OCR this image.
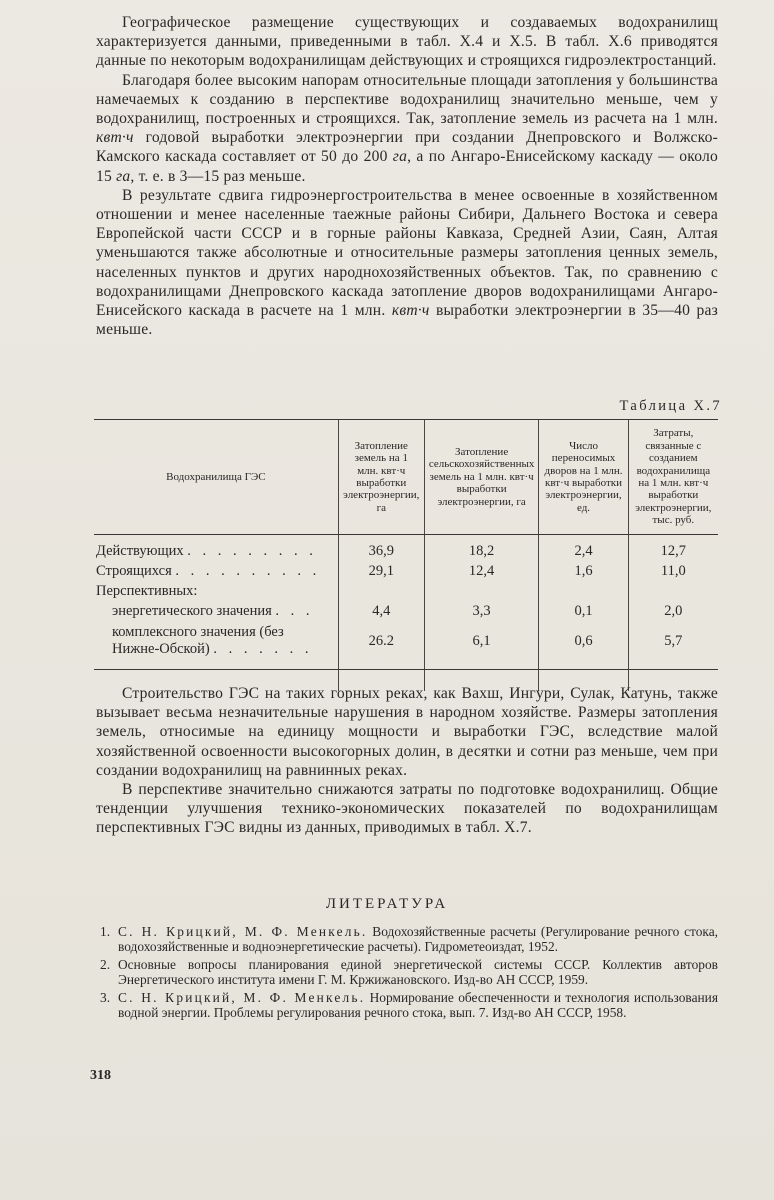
Географическое размещение существующих и создаваемых водохранилищ характеризуется данными, приведенными в табл. X.4 и X.5. В табл. X.6 приводятся данные по некоторым водохранилищам действующих и строящихся гидроэлектростанций.

Благодаря более высоким напорам относительные площади затопления у большинства намечаемых к созданию в перспективе водохранилищ значительно меньше, чем у водохранилищ, построенных и строящихся. Так, затопление земель из расчета на 1 млн. квт·ч годовой выработки электроэнергии при создании Днепровского и Волжско-Камского каскада составляет от 50 до 200 га, а по Ангаро-Енисейскому каскаду — около 15 га, т. е. в 3—15 раз меньше.

В результате сдвига гидроэнергостроительства в менее освоенные в хозяйственном отношении и менее населенные таежные районы Сибири, Дальнего Востока и севера Европейской части СССР и в горные районы Кавказа, Средней Азии, Саян, Алтая уменьшаются также абсолютные и относительные размеры затопления ценных земель, населенных пунктов и других народнохозяйственных объектов. Так, по сравнению с водохранилищами Днепровского каскада затопление дворов водохранилищами Ангаро-Енисейского каскада в расчете на 1 млн. квт·ч выработки электроэнергии в 35—40 раз меньше.

Таблица X.7
Водохранилища ГЭС	Затопление земель на 1 млн. квт·ч выработки электроэнергии, га	Затопление сельскохозяйственных земель на 1 млн. квт·ч выработки электроэнергии, га	Число переносимых дворов на 1 млн. квт·ч выработки электроэнергии, ед.	Затраты, связанные с созданием водохранилища на 1 млн. квт·ч выработки электроэнергии, тыс. руб.

Действующих . . . . . . . . .	36,9	18,2	2,4	12,7
Строящихся . . . . . . . . . .	29,1	12,4	1,6	11,0
Перспективных:				
энергетического значения . . .	4,4	3,3	0,1	2,0
комплексного значения (без Нижне-Обской) . . . . . . .	26.2	6,1	0,6	5,7

Строительство ГЭС на таких горных реках, как Вахш, Ингури, Сулак, Катунь, также вызывает весьма незначительные нарушения в народном хозяйстве. Размеры затопления земель, относимые на единицу мощности и выработки ГЭС, вследствие малой хозяйственной освоенности высокогорных долин, в десятки и сотни раз меньше, чем при создании водохранилищ на равнинных реках.

В перспективе значительно снижаются затраты по подготовке водохранилищ. Общие тенденции улучшения технико-экономических показателей по водохранилищам перспективных ГЭС видны из данных, приводимых в табл. X.7.

ЛИТЕРАТУРА
1. С. Н. Крицкий, М. Ф. Менкель. Водохозяйственные расчеты (Регулирование речного стока, водохозяйственные и водноэнергетические расчеты). Гидрометеоиздат, 1952.
2. Основные вопросы планирования единой энергетической системы СССР. Коллектив авторов Энергетического института имени Г. М. Кржижановского. Изд-во АН СССР, 1959.
3. С. Н. Крицкий, М. Ф. Менкель. Нормирование обеспеченности и технология использования водной энергии. Проблемы регулирования речного стока, вып. 7. Изд-во АН СССР, 1958.
318
